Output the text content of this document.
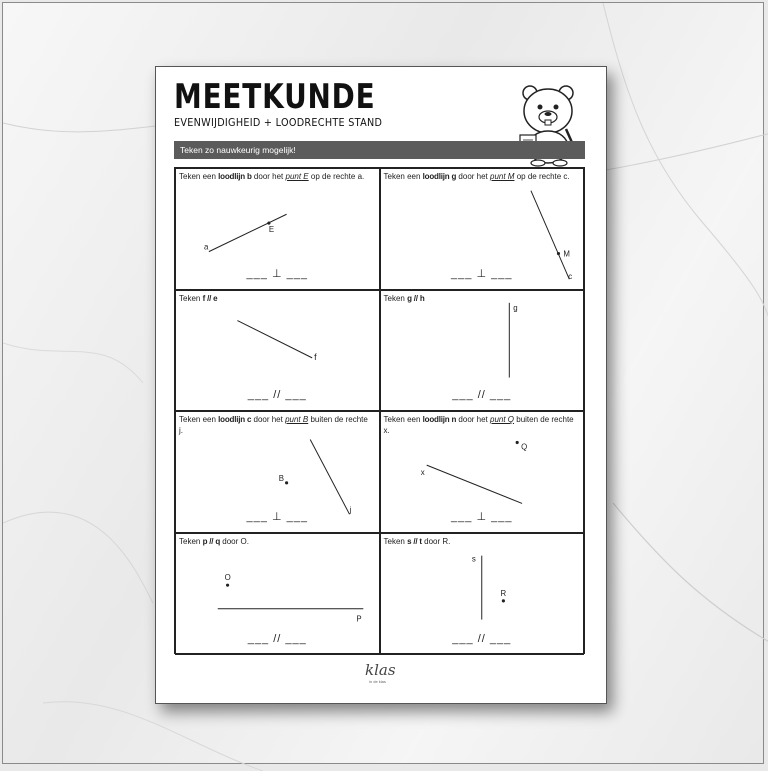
MEETKUNDE
EVENWIJDIGHEID + LOODRECHTE STAND
Teken zo nauwkeurig mogelijk!
Teken een loodlijn b door het punt E op de rechte a.
a
E
___ ⊥ ___
Teken een loodlijn g door het punt M op de rechte c.
M
c
___ ⊥ ___
Teken f // e
f
___ // ___
Teken g // h
g
___ // ___
Teken een loodlijn c door het punt B buiten de rechte j.
B
j
___ ⊥ ___
Teken een loodlijn n door het punt Q buiten de rechte x.
Q
x
___ ⊥ ___
Teken p // q door O.
O
P
___ // ___
Teken s // t door R.
s
R
___ // ___
klas
in de klas
